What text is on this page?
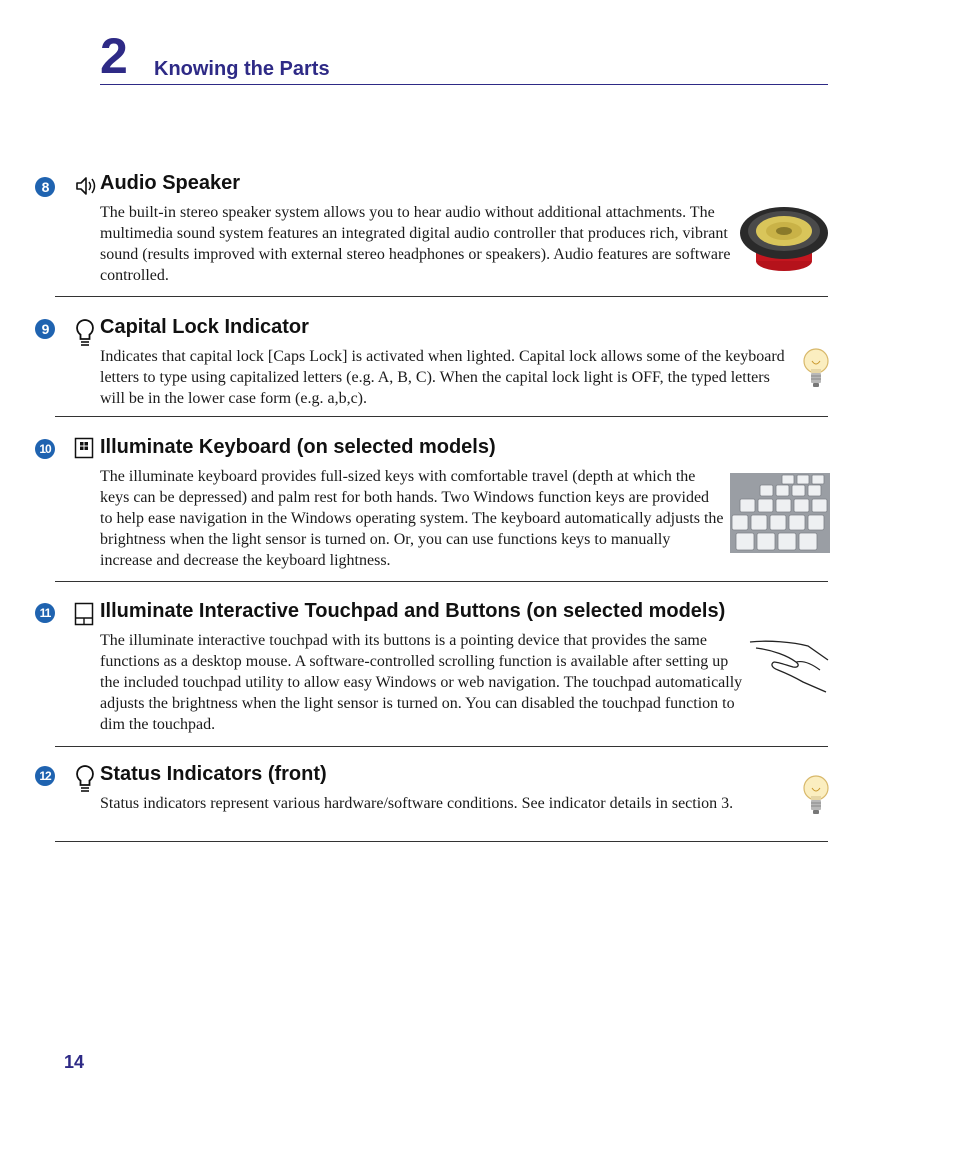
2 Knowing the Parts
8	Audio Speaker
The built-in stereo speaker system allows you to hear audio without additional attachments. The multimedia sound system features an integrated digital audio controller that produces rich, vibrant sound (results improved with external stereo headphones or speakers). Audio features are software controlled.
9	Capital Lock Indicator
Indicates that capital lock [Caps Lock] is activated when lighted. Capital lock allows some of the keyboard letters to type using capitalized letters (e.g. A, B, C). When the capital lock light is OFF, the typed letters will be in the lower case form (e.g. a,b,c).
10 Illuminate Keyboard (on selected models)
The illuminate keyboard provides full-sized keys with comfortable travel (depth at which the keys can be depressed) and palm rest for both hands. Two Windows function keys are provided to help ease navigation in the Windows operating system. The keyboard automatically adjusts the brightness when the light sensor is turned on. Or, you can use functions keys to manually increase and decrease the keyboard lightness.
11 Illuminate Interactive Touchpad and Buttons (on selected models)
The illuminate interactive touchpad with its buttons is a pointing device that provides the same functions as a desktop mouse. A software-controlled scrolling function is available after setting up the included touchpad utility to allow easy Windows or web navigation. The touchpad automatically adjusts the brightness when the light sensor is turned on. You can disabled the touchpad function to dim the touchpad.
12 Status Indicators (front)
Status indicators represent various hardware/software conditions. See indicator details in section 3.
14
